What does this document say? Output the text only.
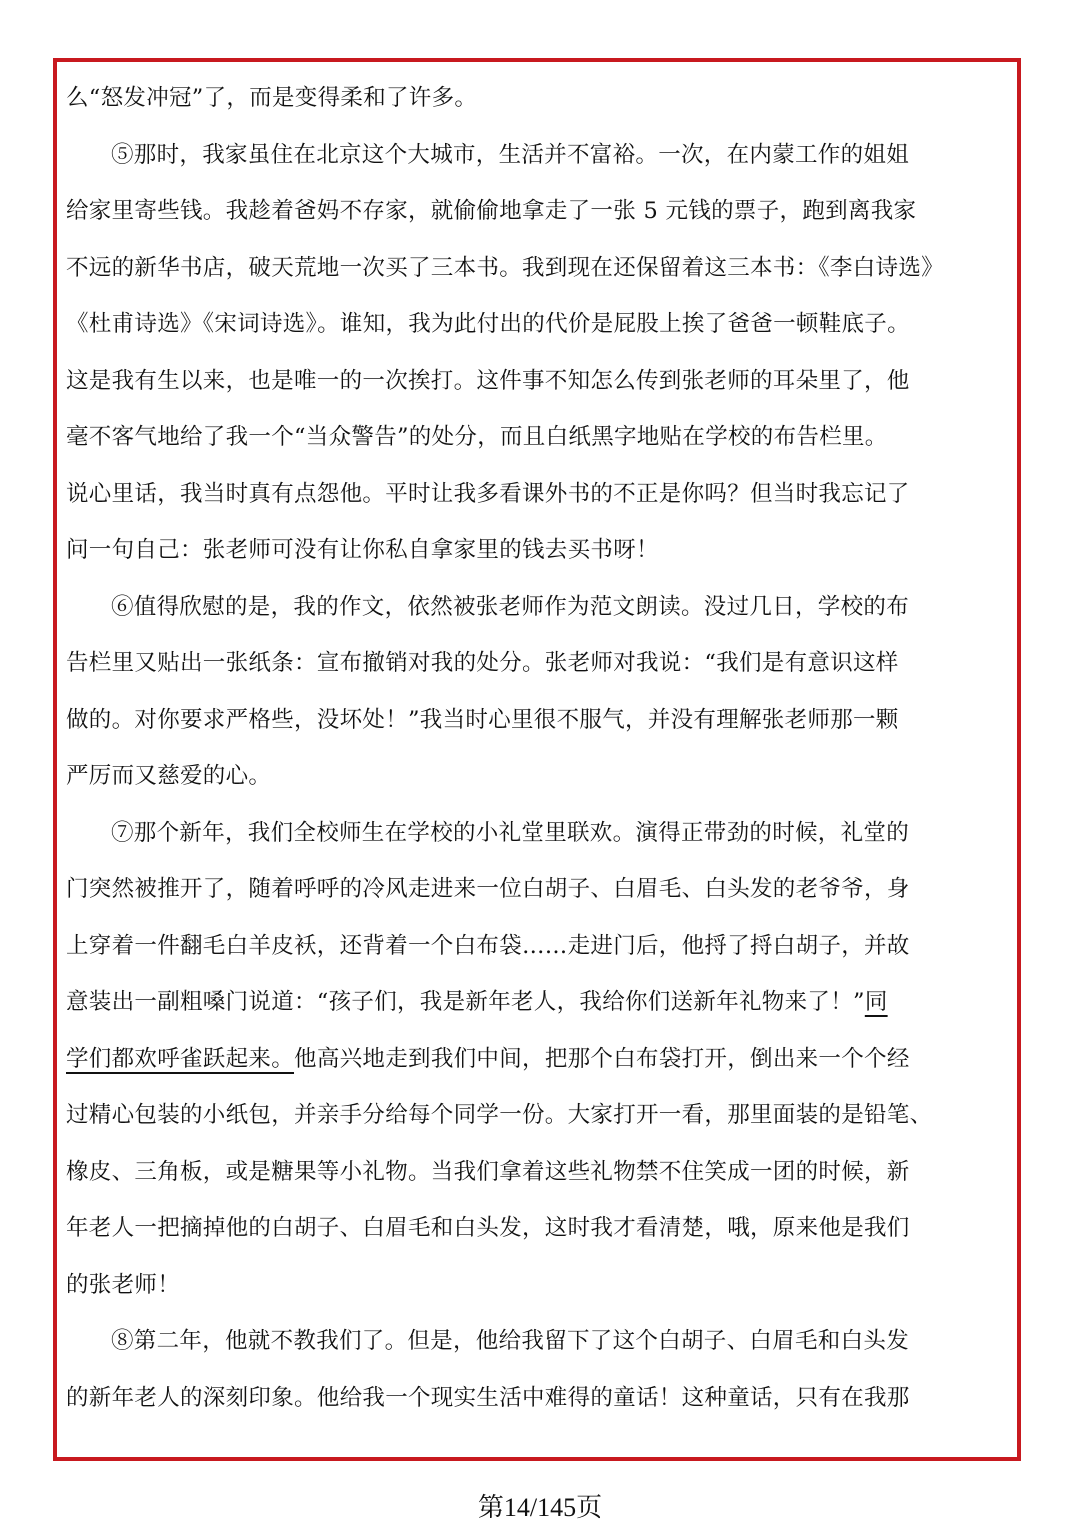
么“怒发冲冠”了，而是变得柔和了许多。
⑤那时，我家虽住在北京这个大城市，生活并不富裕。一次，在内蒙工作的姐姐
给家里寄些钱。我趁着爸妈不存家，就偷偷地拿走了一张 5 元钱的票子，跑到离我家
不远的新华书店，破天荒地一次买了三本书。我到现在还保留着这三本书：《李白诗选》
《杜甫诗选》《宋词诗选》。谁知，我为此付出的代价是屁股上挨了爸爸一顿鞋底子。
这是我有生以来，也是唯一的一次挨打。这件事不知怎么传到张老师的耳朵里了，他
毫不客气地给了我一个“当众警告”的处分，而且白纸黑字地贴在学校的布告栏里。
说心里话，我当时真有点怨他。平时让我多看课外书的不正是你吗？但当时我忘记了
问一句自己：张老师可没有让你私自拿家里的钱去买书呀！
⑥值得欣慰的是，我的作文，依然被张老师作为范文朗读。没过几日，学校的布
告栏里又贴出一张纸条：宣布撤销对我的处分。张老师对我说：“我们是有意识这样
做的。对你要求严格些，没坏处！”我当时心里很不服气，并没有理解张老师那一颗
严厉而又慈爱的心。
⑦那个新年，我们全校师生在学校的小礼堂里联欢。演得正带劲的时候，礼堂的
门突然被推开了，随着呼呼的冷风走进来一位白胡子、白眉毛、白头发的老爷爷，身
上穿着一件翻毛白羊皮袄，还背着一个白布袋……走进门后，他捋了捋白胡子，并故
意装出一副粗嗓门说道：“孩子们，我是新年老人，我给你们送新年礼物来了！”同
学们都欢呼雀跃起来。他高兴地走到我们中间，把那个白布袋打开，倒出来一个个经
过精心包装的小纸包，并亲手分给每个同学一份。大家打开一看，那里面装的是铅笔、
橡皮、三角板，或是糖果等小礼物。当我们拿着这些礼物禁不住笑成一团的时候，新
年老人一把摘掉他的白胡子、白眉毛和白头发，这时我才看清楚，哦，原来他是我们
的张老师！
⑧第二年，他就不教我们了。但是，他给我留下了这个白胡子、白眉毛和白头发
的新年老人的深刻印象。他给我一个现实生活中难得的童话！这种童话，只有在我那
第14/145页
